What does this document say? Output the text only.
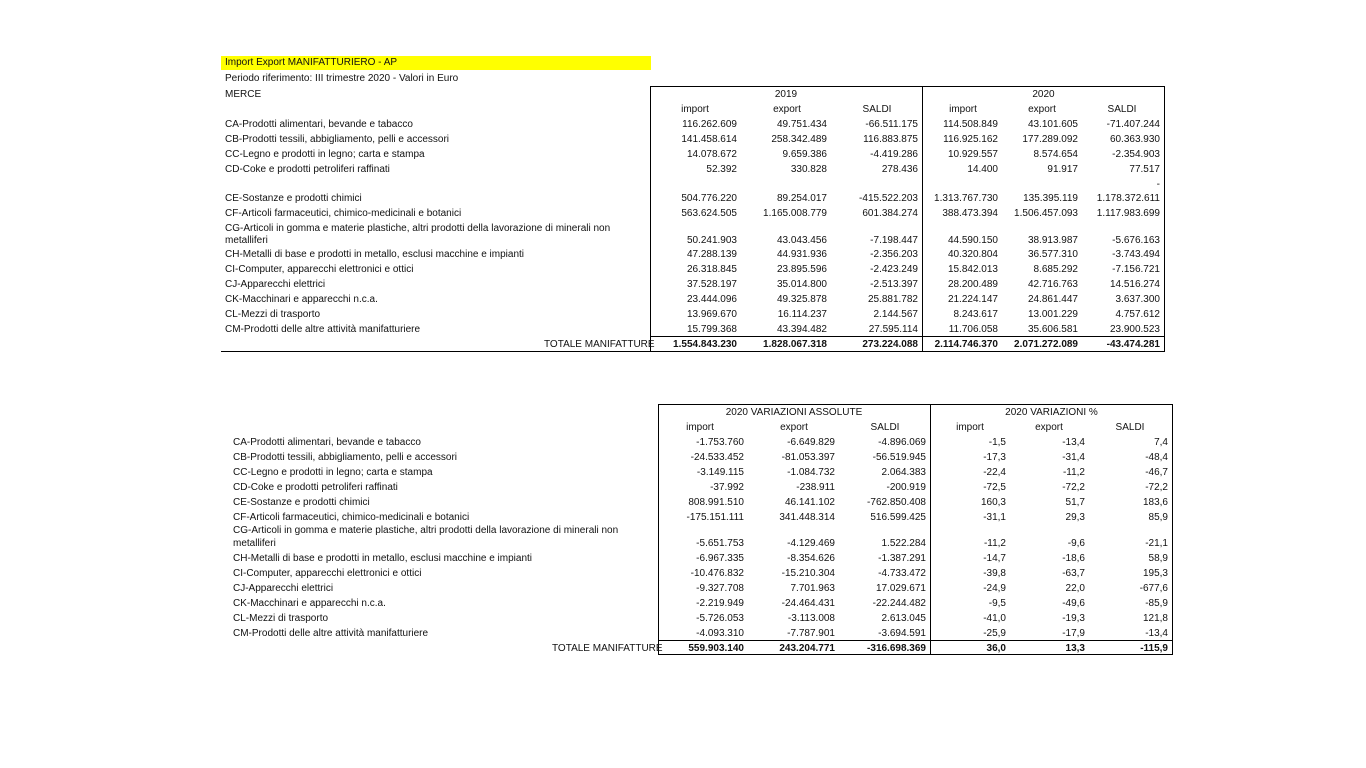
Import Export MANIFATTURIERO - AP
Periodo riferimento: III trimestre 2020 - Valori in Euro
MERCE	2019	2020
import	export	SALDI	import	export	SALDI
CA-Prodotti alimentari, bevande e tabacco	116.262.609	49.751.434	-66.511.175	114.508.849	43.101.605	-71.407.244
CB-Prodotti tessili, abbigliamento, pelli e accessori	141.458.614	258.342.489	116.883.875	116.925.162	177.289.092	60.363.930
CC-Legno e prodotti in legno; carta e stampa	14.078.672	9.659.386	-4.419.286	10.929.557	8.574.654	-2.354.903
CD-Coke e prodotti petroliferi raffinati	52.392	330.828	278.436	14.400	91.917	77.517
CE-Sostanze e prodotti chimici	504.776.220	89.254.017	-415.522.203	1.313.767.730	135.395.119	1.178.372.611
CF-Articoli farmaceutici, chimico-medicinali e botanici	563.624.505	1.165.008.779	601.384.274	388.473.394	1.506.457.093	1.117.983.699
CG-Articoli in gomma e materie plastiche, altri prodotti della lavorazione di minerali non
metalliferi	50.241.903	43.043.456	-7.198.447	44.590.150	38.913.987	-5.676.163
CH-Metalli di base e prodotti in metallo, esclusi macchine e impianti	47.288.139	44.931.936	-2.356.203	40.320.804	36.577.310	-3.743.494
CI-Computer, apparecchi elettronici e ottici	26.318.845	23.895.596	-2.423.249	15.842.013	8.685.292	-7.156.721
CJ-Apparecchi elettrici	37.528.197	35.014.800	-2.513.397	28.200.489	42.716.763	14.516.274
CK-Macchinari e apparecchi n.c.a.	23.444.096	49.325.878	25.881.782	21.224.147	24.861.447	3.637.300
CL-Mezzi di trasporto	13.969.670	16.114.237	2.144.567	8.243.617	13.001.229	4.757.612
CM-Prodotti delle altre attività manifatturiere	15.799.368	43.394.482	27.595.114	11.706.058	35.606.581	23.900.523
-
TOTALE MANIFATTURE	1.554.843.230	1.828.067.318	273.224.088	2.114.746.370	2.071.272.089	-43.474.281
2020 VARIAZIONI ASSOLUTE	2020 VARIAZIONI %
import	export	SALDI	import	export	SALDI
CA-Prodotti alimentari, bevande e tabacco	-1.753.760	-6.649.829	-4.896.069	-1,5	-13,4	7,4
CB-Prodotti tessili, abbigliamento, pelli e accessori	-24.533.452	-81.053.397	-56.519.945	-17,3	-31,4	-48,4
CC-Legno e prodotti in legno; carta e stampa	-3.149.115	-1.084.732	2.064.383	-22,4	-11,2	-46,7
CD-Coke e prodotti petroliferi raffinati	-37.992	-238.911	-200.919	-72,5	-72,2	-72,2
CE-Sostanze e prodotti chimici	808.991.510	46.141.102	-762.850.408	160,3	51,7	183,6
CF-Articoli farmaceutici, chimico-medicinali e botanici	-175.151.111	341.448.314	516.599.425	-31,1	29,3	85,9
CG-Articoli in gomma e materie plastiche, altri prodotti della lavorazione di minerali non
metalliferi	-5.651.753	-4.129.469	1.522.284	-11,2	-9,6	-21,1
CH-Metalli di base e prodotti in metallo, esclusi macchine e impianti	-6.967.335	-8.354.626	-1.387.291	-14,7	-18,6	58,9
CI-Computer, apparecchi elettronici e ottici	-10.476.832	-15.210.304	-4.733.472	-39,8	-63,7	195,3
CJ-Apparecchi elettrici	-9.327.708	7.701.963	17.029.671	-24,9	22,0	-677,6
CK-Macchinari e apparecchi n.c.a.	-2.219.949	-24.464.431	-22.244.482	-9,5	-49,6	-85,9
CL-Mezzi di trasporto	-5.726.053	-3.113.008	2.613.045	-41,0	-19,3	121,8
CM-Prodotti delle altre attività manifatturiere	-4.093.310	-7.787.901	-3.694.591	-25,9	-17,9	-13,4
TOTALE MANIFATTURE	559.903.140	243.204.771	-316.698.369	36,0	13,3	-115,9
